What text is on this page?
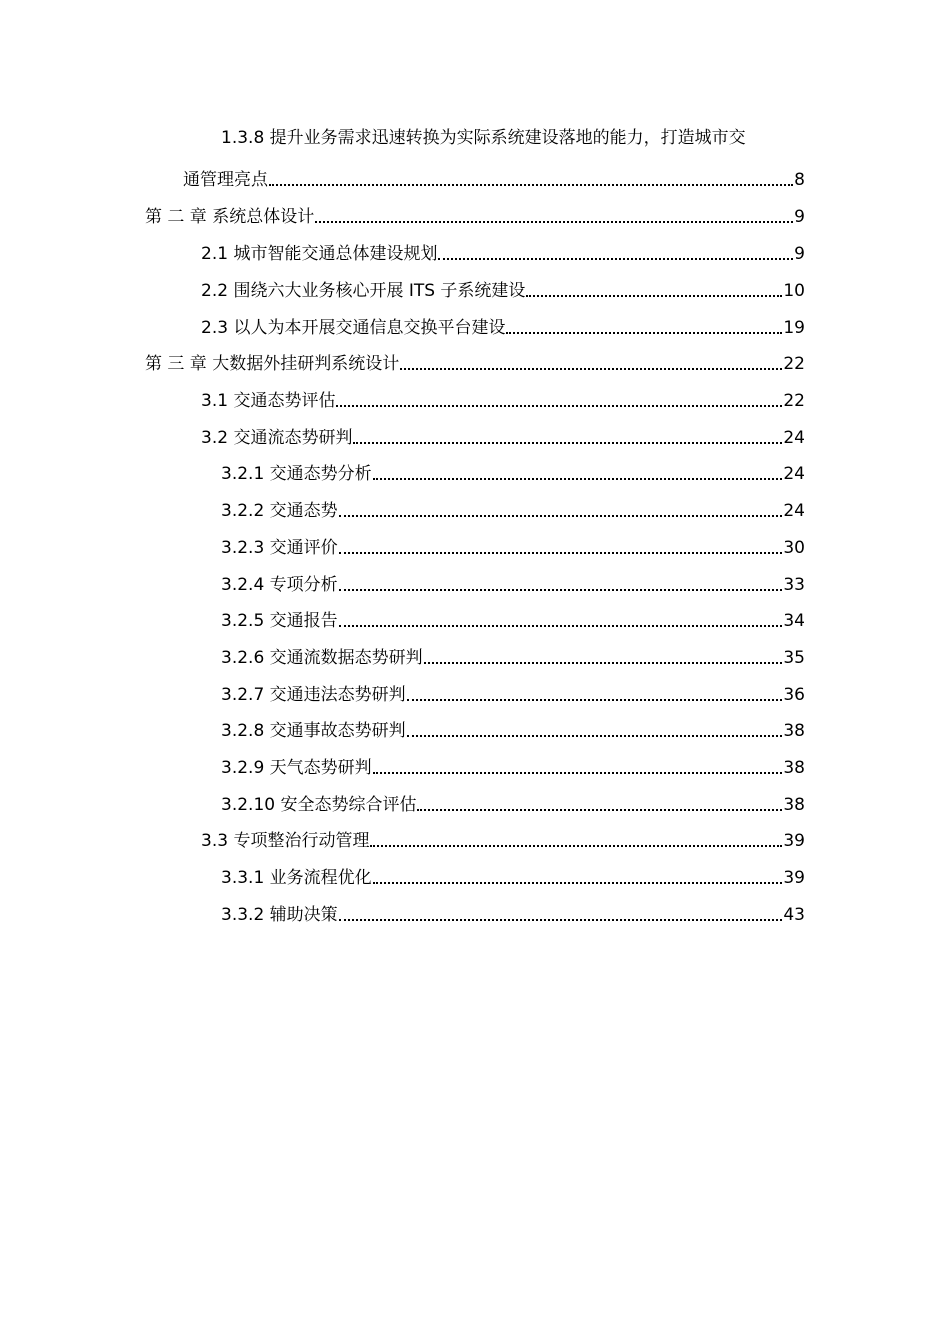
1.3.8 提升业务需求迅速转换为实际系统建设落地的能力，打造城市交
通管理亮点	8
第 二 章 系统总体设计	9
2.1 城市智能交通总体建设规划	9
2.2 围绕六大业务核心开展 ITS 子系统建设	10
2.3 以人为本开展交通信息交换平台建设	19
第 三 章 大数据外挂研判系统设计	22
3.1 交通态势评估	22
3.2 交通流态势研判	24
3.2.1 交通态势分析	24
3.2.2 交通态势	24
3.2.3 交通评价	30
3.2.4 专项分析	33
3.2.5 交通报告	34
3.2.6 交通流数据态势研判	35
3.2.7 交通违法态势研判	36
3.2.8 交通事故态势研判	38
3.2.9 天气态势研判	38
3.2.10 安全态势综合评估	38
3.3 专项整治行动管理	39
3.3.1 业务流程优化	39
3.3.2 辅助决策	43
